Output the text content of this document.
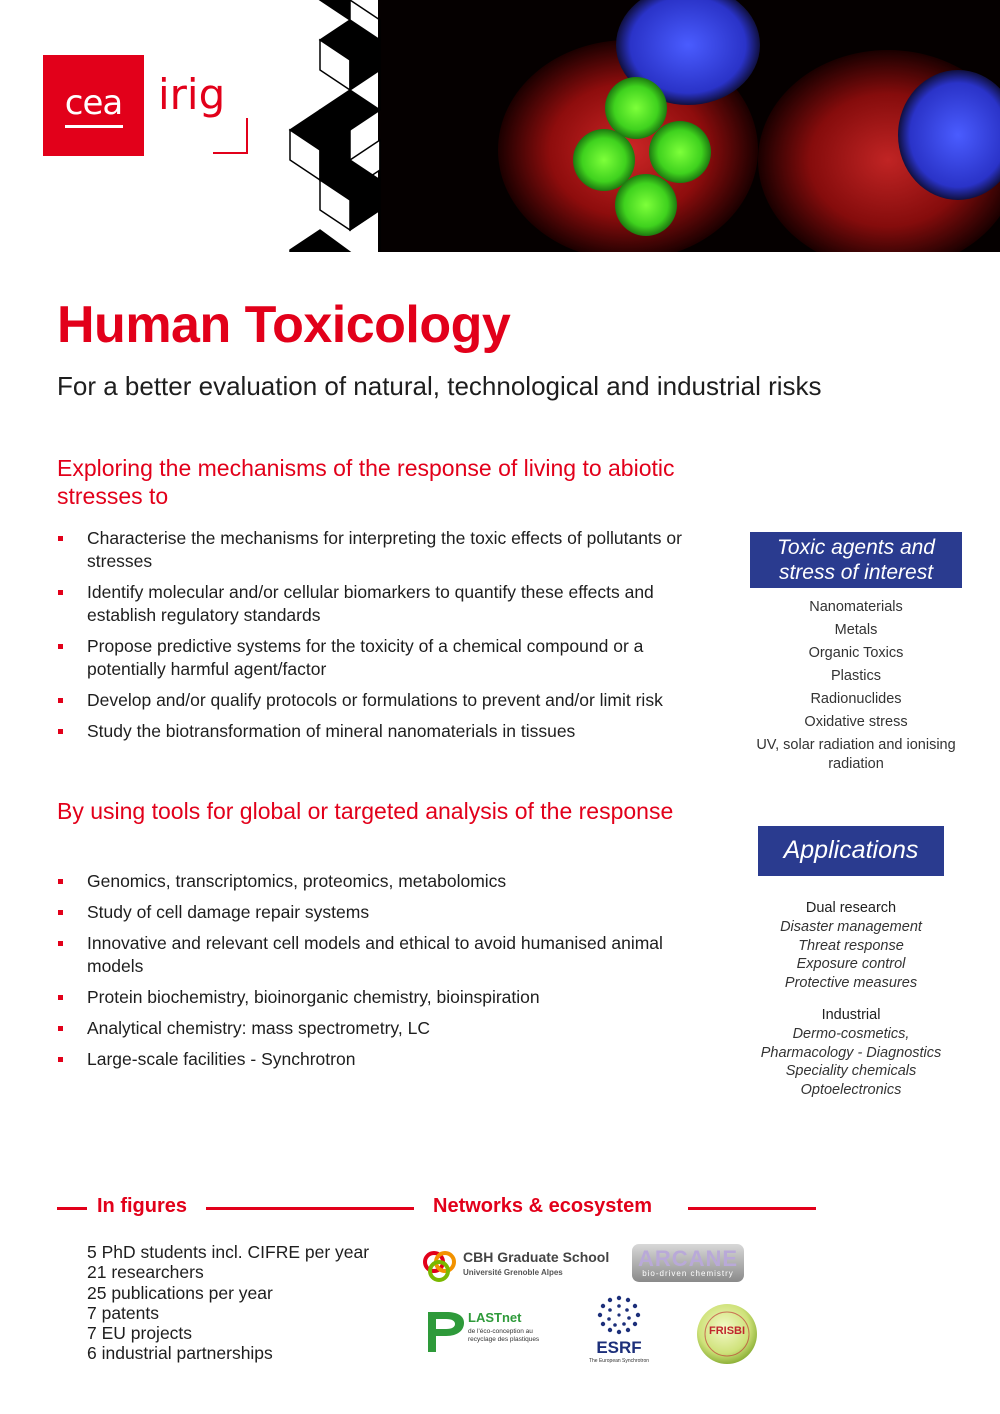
cea irig
Human Toxicology
For a better evaluation of natural, technological and industrial risks
Exploring the mechanisms of the response of living to abiotic stresses to
Characterise the mechanisms for interpreting the toxic effects of pollutants or stresses
Identify molecular and/or cellular biomarkers to quantify these effects and establish regulatory standards
Propose predictive systems for the toxicity of a chemical compound or a potentially harmful agent/factor
Develop and/or qualify protocols or formulations to prevent and/or limit risk
Study the biotransformation of mineral nanomaterials in tissues
By using tools for global or targeted analysis of the response
Genomics, transcriptomics, proteomics, metabolomics
Study of cell damage repair systems
Innovative and relevant cell models and ethical to avoid humanised animal models
Protein biochemistry, bioinorganic chemistry, bioinspiration
Analytical chemistry: mass spectrometry, LC
Large-scale facilities - Synchrotron
Toxic agents and stress of interest
Nanomaterials
Metals
Organic Toxics
Plastics
Radionuclides
Oxidative stress
UV, solar radiation and ionising radiation
Applications
Dual research
Disaster management
Threat response
Exposure control
Protective measures
Industrial
Dermo-cosmetics,
Pharmacology - Diagnostics
Speciality chemicals
Optoelectronics
In figures	Networks & ecosystem
5 PhD students incl. CIFRE per year
21 researchers
25 publications per year
7 patents
7 EU projects
6 industrial partnerships
CBH Graduate School
Université Grenoble Alpes
ARCANE
bio-driven chemistry
LASTnet
de l'éco-conception au recyclage des plastiques	ESRF
The European Synchrotron
FRISBI
